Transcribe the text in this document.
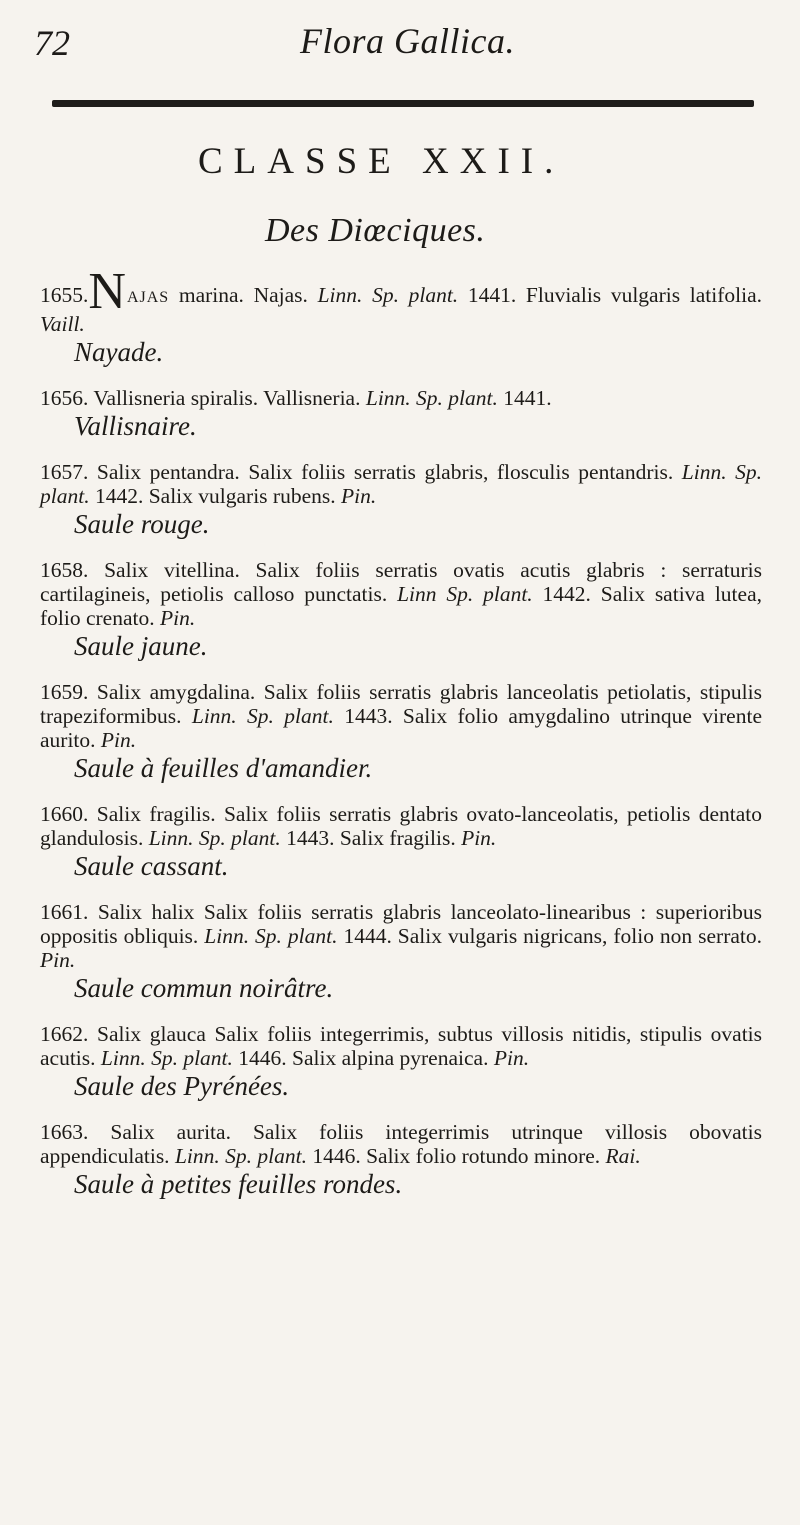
72	Flora Gallica.
CLASSE XXII.
Des Diœciques.
1655.NAJAS marina. Najas. Linn. Sp. plant. 1441. Fluvialis vulgaris latifolia. Vaill.
Nayade.
1656. Vallisneria spiralis. Vallisneria. Linn. Sp. plant. 1441.
Vallisnaire.
1657. Salix pentandra. Salix foliis serratis glabris, flosculis pentandris. Linn. Sp. plant. 1442. Salix vulgaris rubens. Pin.
Saule rouge.
1658. Salix vitellina. Salix foliis serratis ovatis acutis glabris : serraturis cartilagineis, petiolis calloso punctatis. Linn Sp. plant. 1442. Salix sativa lutea, folio crenato. Pin.
Saule jaune.
1659. Salix amygdalina. Salix foliis serratis glabris lanceolatis petiolatis, stipulis trapeziformibus. Linn. Sp. plant. 1443. Salix folio amygdalino utrinque virente aurito. Pin.
Saule à feuilles d'amandier.
1660. Salix fragilis. Salix foliis serratis glabris ovato-lanceolatis, petiolis dentato glandulosis. Linn. Sp. plant. 1443. Salix fragilis. Pin.
Saule cassant.
1661. Salix halix Salix foliis serratis glabris lanceolato-linearibus : superioribus oppositis obliquis. Linn. Sp. plant. 1444. Salix vulgaris nigricans, folio non serrato. Pin.
Saule commun noirâtre.
1662. Salix glauca Salix foliis integerrimis, subtus villosis nitidis, stipulis ovatis acutis. Linn. Sp. plant. 1446. Salix alpina pyrenaica. Pin.
Saule des Pyrénées.
1663. Salix aurita. Salix foliis integerrimis utrinque villosis obovatis appendiculatis. Linn. Sp. plant. 1446. Salix folio rotundo minore. Rai.
Saule à petites feuilles rondes.
